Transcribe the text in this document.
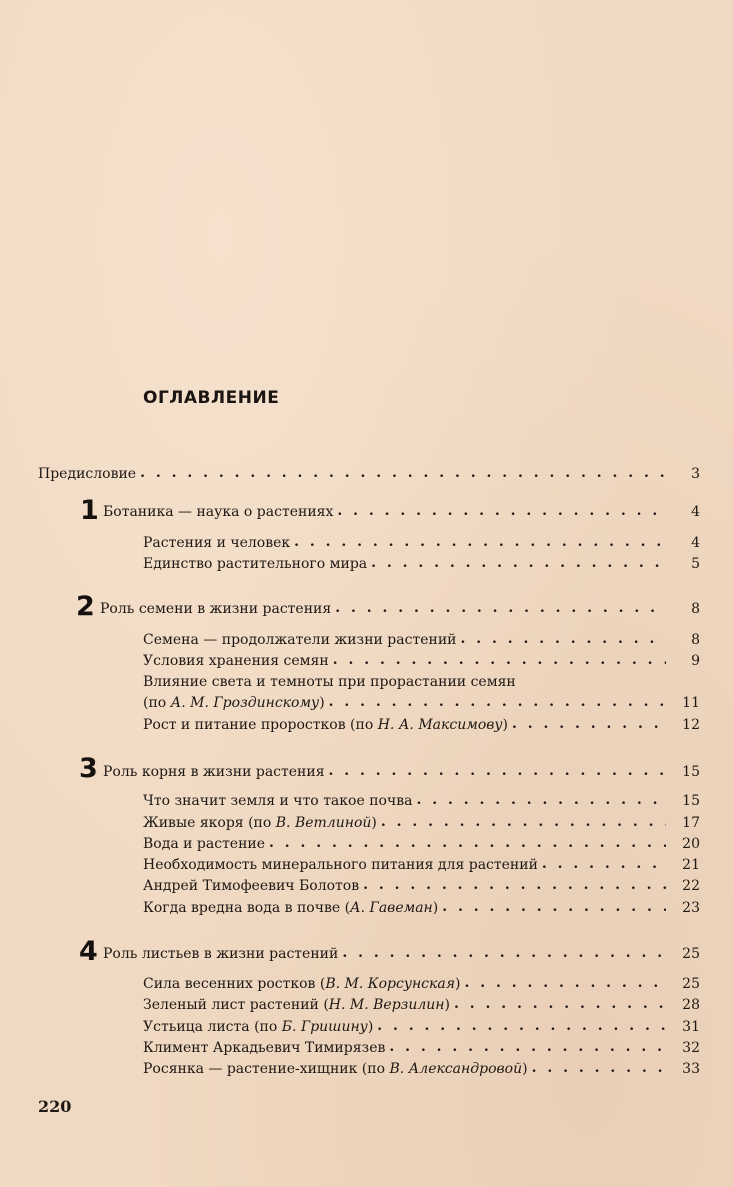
ОГЛАВЛЕНИЕ
Предисловие . . .	3
1 Ботаника — наука о растениях . . .	4
Растения и человек . . .	4
Единство растительного мира . . .	5
2 Роль семени в жизни растения . . .	8
Семена — продолжатели жизни растений . . .	8
Условия хранения семян . . .	9
Влияние света и темноты при прорастании семян
(по А. М. Гроздинскому) . . .	11
Рост и питание проростков (по Н. А. Максимову) . . .	12
3 Роль корня в жизни растения . . .	15
Что значит земля и что такое почва . . .	15
Живые якоря (по В. Ветлиной) . . .	17
Вода и растение . . .	20
Необходимость минерального питания для растений . . .	21
Андрей Тимофеевич Болотов . . .	22
Когда вредна вода в почве (А. Гавеман) . . .	23
4 Роль листьев в жизни растений . . .	25
Сила весенних ростков (В. М. Корсунская) . . .	25
Зеленый лист растений (Н. М. Верзилин) . . .	28
Устьица листа (по Б. Гришину) . . .	31
Климент Аркадьевич Тимирязев . . .	32
Росянка — растение-хищник (по В. Александровой) . . .	33
220
